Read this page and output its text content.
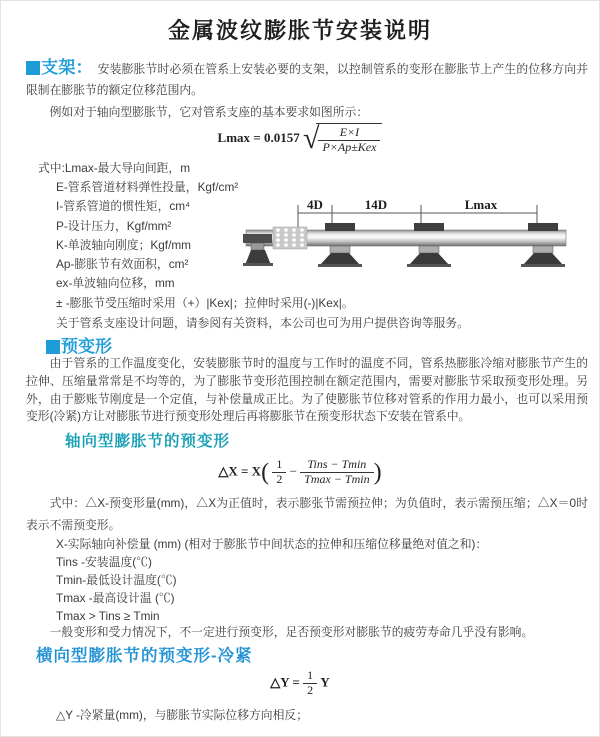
金属波纹膨胀节安装说明

支架： 安装膨胀节时必须在管系上安装必要的支架，以控制管系的变形在膨胀节上产生的位移方向并限制在膨胀节的额定位移范围内。

例如对于轴向型膨胀节，它对管系支座的基本要求如图所示：

Lmax = 0.0157 √ $\frac{E\times I}{\text{P×Ap±Kex}}$
式中:Lmax-最大导向间距，m
E-管系管道材料弹性投量，Kgf/cm²
I-管系管道的惯性矩，cm⁴
P-设计压力，Kgf/mm²
K-单波轴向刚度；Kgf/mm
Ap-膨胀节有效面积，cm²
ex-单波轴向位移，mm
± -膨胀节受压缩时采用（+）|Kex|；拉伸时采用(-)|Kex|。
关于管系支座设计问题，请参阅有关资料，本公司也可为用户提供咨询等服务。
4D	14D	Lmax
预变形

由于管系的工作温度变化，安装膨胀节时的温度与工作时的温度不同，管系热膨胀冷缩对膨胀节产生的拉伸、压缩量常常是不均等的，为了膨胀节变形范围控制在额定范围内，需要对膨胀节采取预变形处理。另外，由于膨账节刚度是一个定值，与补偿量成正比。为了使膨胀节位移对管系的作用力最小，也可以采用预变形(冷紧)方让对膨胀节进行预变形处理后再将膨胀节在预变形状态下安装在管系中。

轴向型膨胀节的预变形
△X = $X( \frac{1}{2} - \frac{\text{Tins − Tmin}}{Tmax - Tmin}$ )

式中：△X-预变形量(mm)，△X为正值时，表示膨张节需预拉伸；为负值时，表示需预压缩；△X＝0时表示不需预变形。

X-实际轴向补偿量 (mm) (相对于膨胀节中间状态的拉伸和压缩位移量绝对值之和)：
Tins -安装温度(℃)
Tmin-最低设计温度(℃)
Tmax -最高设计温 (℃)
Tmax > Tins ≥ Tmin

一般变形和受力情况下，不一定进行预变形，足否预变形对膨胀节的疲劳寿命几乎没有影响。

横向型膨胀节的预变形-冷紧
△Y = $\frac{1}{2}$ Y
△Y -冷紧量(mm)，与膨胀节实际位移方向相反；
